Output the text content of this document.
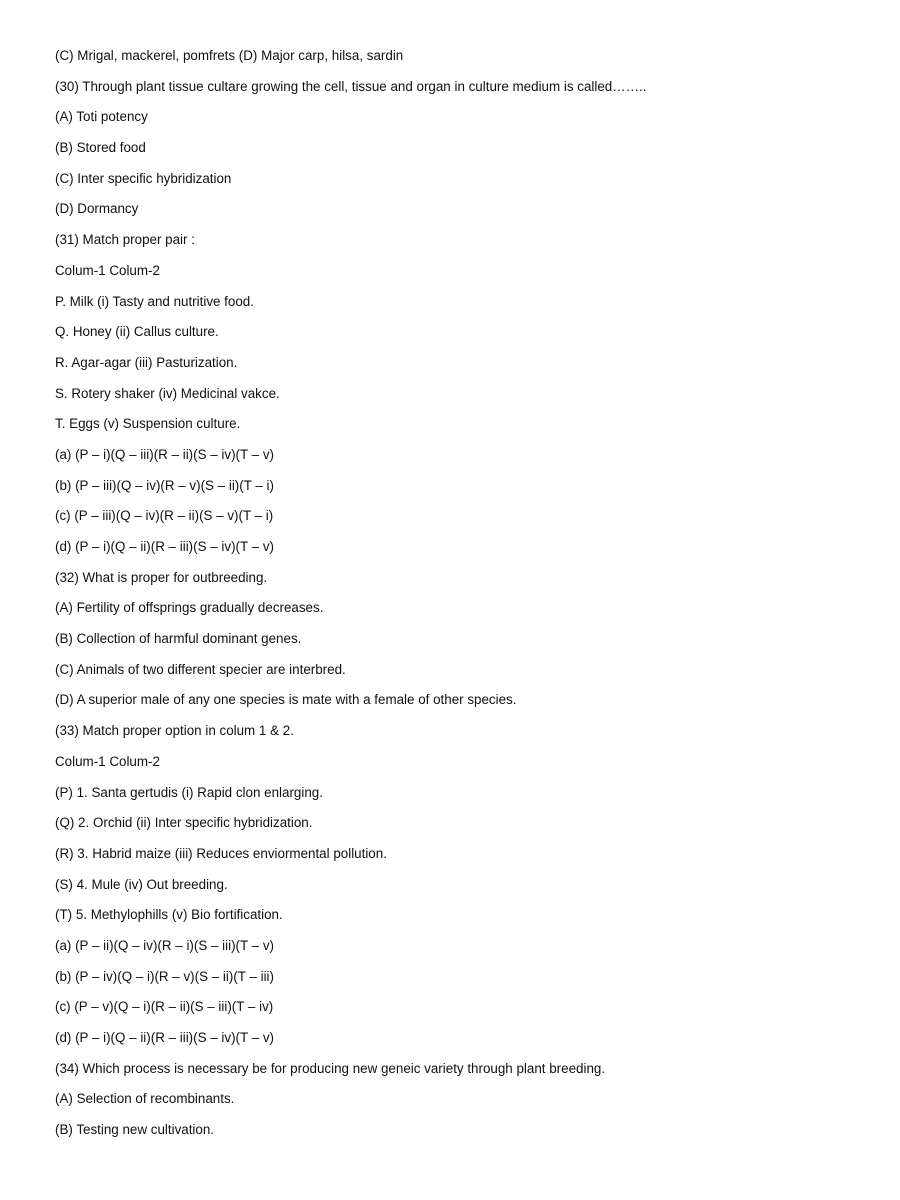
(C) Mrigal, mackerel, pomfrets (D) Major carp, hilsa, sardin
(30) Through plant tissue cultare growing the cell, tissue and organ in culture medium is called……..
(A) Toti potency
(B) Stored food
(C) Inter specific hybridization
(D) Dormancy
(31) Match proper pair :
Colum-1 Colum-2
P. Milk (i) Tasty and nutritive food.
Q. Honey (ii) Callus culture.
R. Agar-agar (iii) Pasturization.
S. Rotery shaker (iv) Medicinal vakce.
T. Eggs (v) Suspension culture.
(a) (P – i)(Q – iii)(R – ii)(S – iv)(T – v)
(b) (P – iii)(Q – iv)(R – v)(S – ii)(T – i)
(c) (P – iii)(Q – iv)(R – ii)(S – v)(T – i)
(d) (P – i)(Q – ii)(R – iii)(S – iv)(T – v)
(32) What is proper for outbreeding.
(A) Fertility of offsprings gradually decreases.
(B) Collection of harmful dominant genes.
(C) Animals of two different specier are interbred.
(D) A superior male of any one species is mate with a female of other species.
(33) Match proper option in colum 1 & 2.
Colum-1 Colum-2
(P) 1. Santa gertudis (i) Rapid clon enlarging.
(Q) 2. Orchid (ii) Inter specific hybridization.
(R) 3. Habrid maize (iii) Reduces enviormental pollution.
(S) 4. Mule (iv) Out breeding.
(T) 5. Methylophills (v) Bio fortification.
(a) (P – ii)(Q – iv)(R – i)(S – iii)(T – v)
(b) (P – iv)(Q – i)(R – v)(S – ii)(T – iii)
(c) (P – v)(Q – i)(R – ii)(S – iii)(T – iv)
(d) (P – i)(Q – ii)(R – iii)(S – iv)(T – v)
(34) Which process is necessary be for producing new geneic variety through plant breeding.
(A) Selection of recombinants.
(B) Testing new cultivation.
